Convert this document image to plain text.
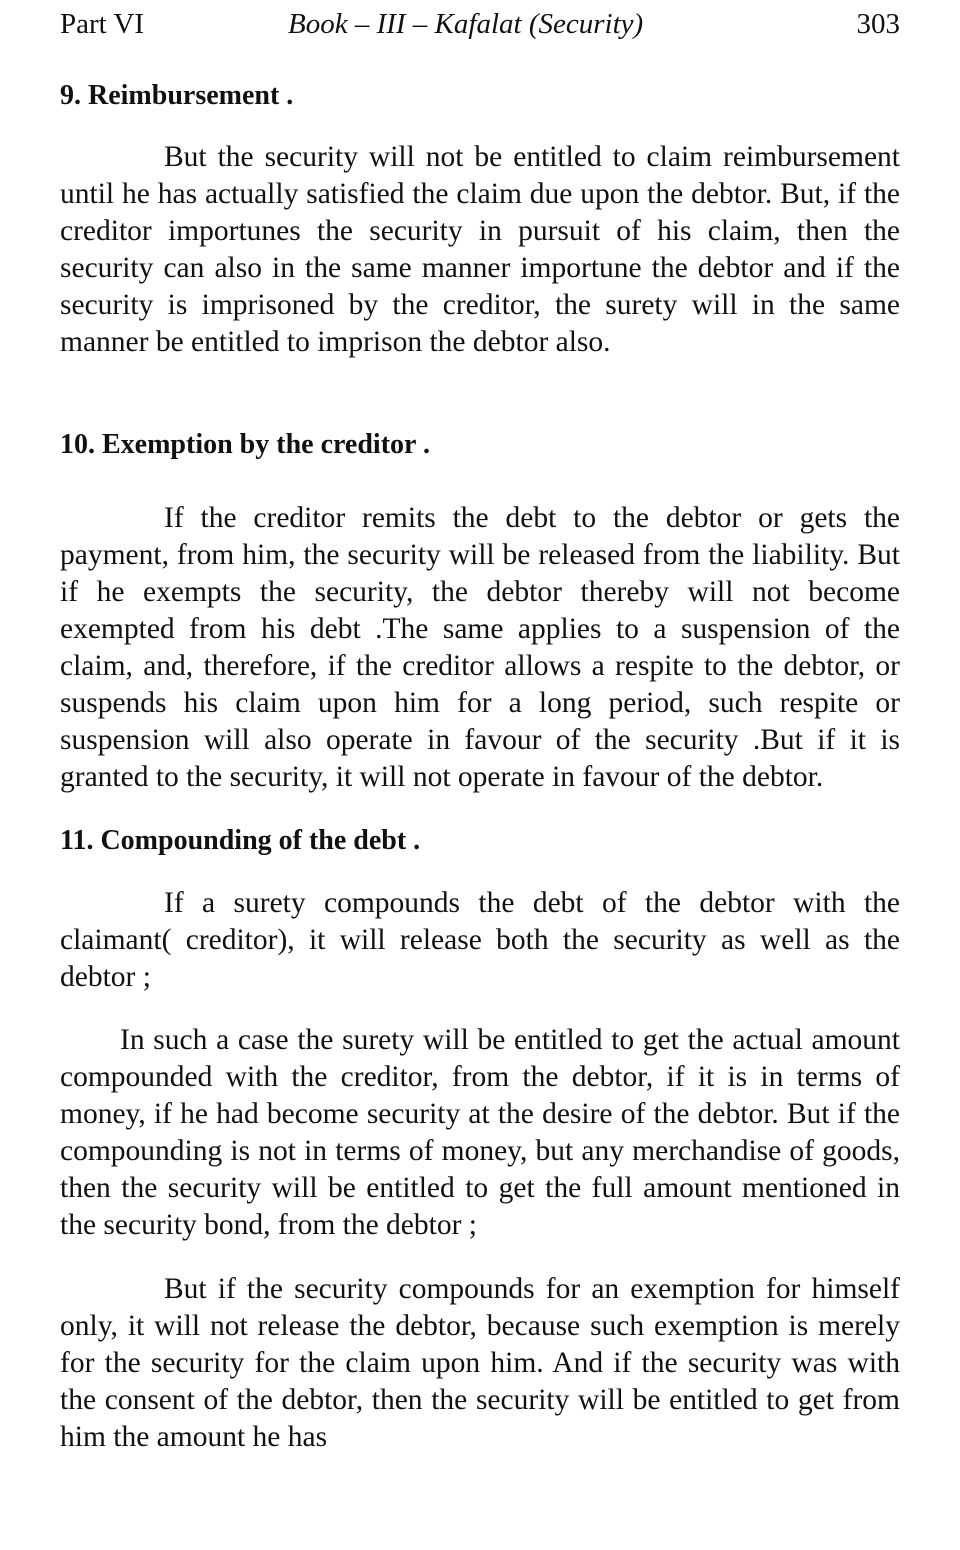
Part VI	Book – III – Kafalat (Security)	303
9. Reimbursement .

But the security will not be entitled to claim reimbursement until he has actually satisfied the claim due upon the debtor. But, if the creditor importunes the security in pursuit of his claim, then the security can also in the same manner importune the debtor and if the security is imprisoned by the creditor, the surety will in the same manner be entitled to imprison the debtor also.

10. Exemption by the creditor .

If the creditor remits the debt to the debtor or gets the payment, from him, the security will be released from the liability. But if he exempts the security, the debtor thereby will not become exempted from his debt .The same applies to a suspension of the claim, and, therefore, if the creditor allows a respite to the debtor, or suspends his claim upon him for a long period, such respite or suspension will also operate in favour of the security .But if it is granted to the security, it will not operate in favour of the debtor.

11. Compounding of the debt .

If a surety compounds the debt of the debtor with the claimant( creditor), it will release both the security as well as the debtor ;

In such a case the surety will be entitled to get the actual amount compounded with the creditor, from the debtor, if it is in terms of money, if he had become security at the desire of the debtor. But if the compounding is not in terms of money, but any merchandise of goods, then the security will be entitled to get the full amount mentioned in the security bond, from the debtor ;

But if the security compounds for an exemption for himself only, it will not release the debtor, because such exemption is merely for the security for the claim upon him. And if the security was with the consent of the debtor, then the security will be entitled to get from him the amount he has
